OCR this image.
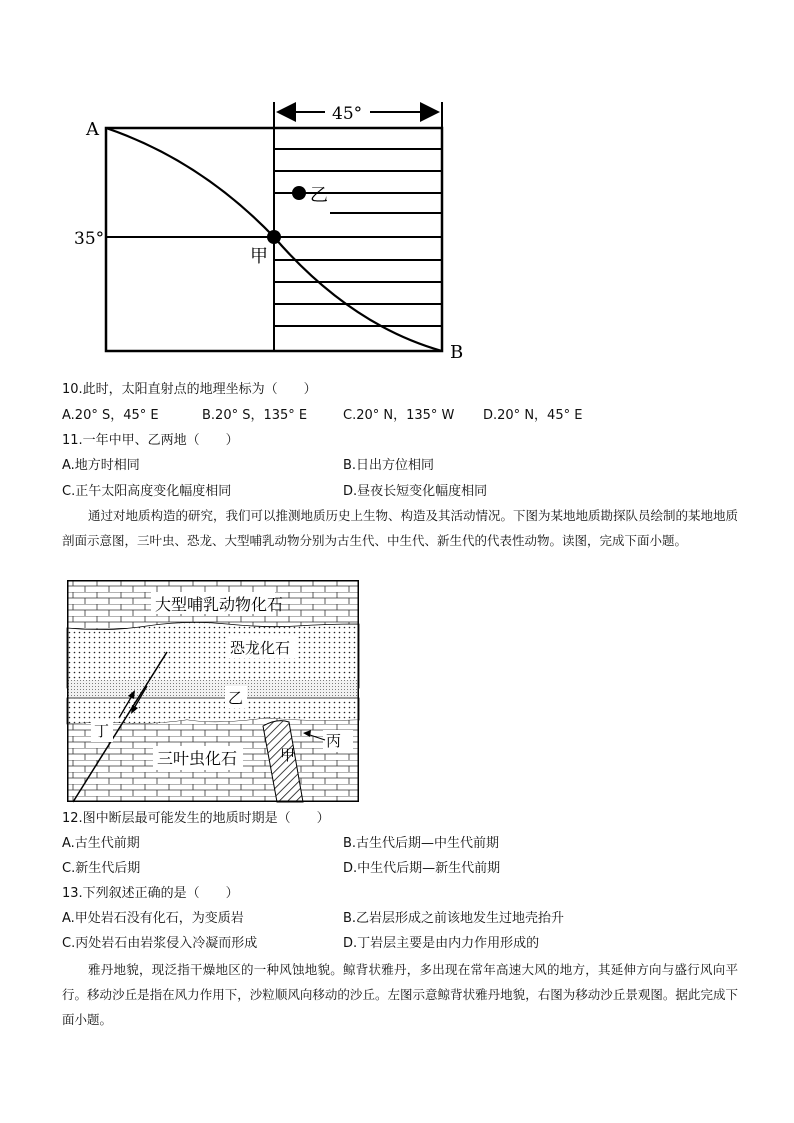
45°
A
B
35°
甲
乙
10.此时，太阳直射点的地理坐标为（　　）
A.20° S，45° E	B.20° S，135° E	C.20° N，135° W D.20° N，45° E
11.一年中甲、乙两地（　　）
A.地方时相同	B.日出方位相同
C.正午太阳高度变化幅度相同	D.昼夜长短变化幅度相同
通过对地质构造的研究，我们可以推测地质历史上生物、构造及其活动情况。下图为某地地质勘探队员绘制的某地地质剖面示意图，三叶虫、恐龙、大型哺乳动物分别为古生代、中生代、新生代的代表性动物。读图，完成下面小题。
大型哺乳动物化石
恐龙化石
乙
三叶虫化石	甲
丙
丁
12.图中断层最可能发生的地质时期是（　　）
A.古生代前期	B.古生代后期—中生代前期
C.新生代后期	D.中生代后期—新生代前期
13.下列叙述正确的是（　　）
A.甲处岩石没有化石，为变质岩	B.乙岩层形成之前该地发生过地壳抬升
C.丙处岩石由岩浆侵入冷凝而形成	D.丁岩层主要是由内力作用形成的
雅丹地貌，现泛指干燥地区的一种风蚀地貌。鲸背状雅丹，多出现在常年高速大风的地方，其延伸方向与盛行风向平行。移动沙丘是指在风力作用下，沙粒顺风向移动的沙丘。左图示意鲸背状雅丹地貌，右图为移动沙丘景观图。据此完成下面小题。
